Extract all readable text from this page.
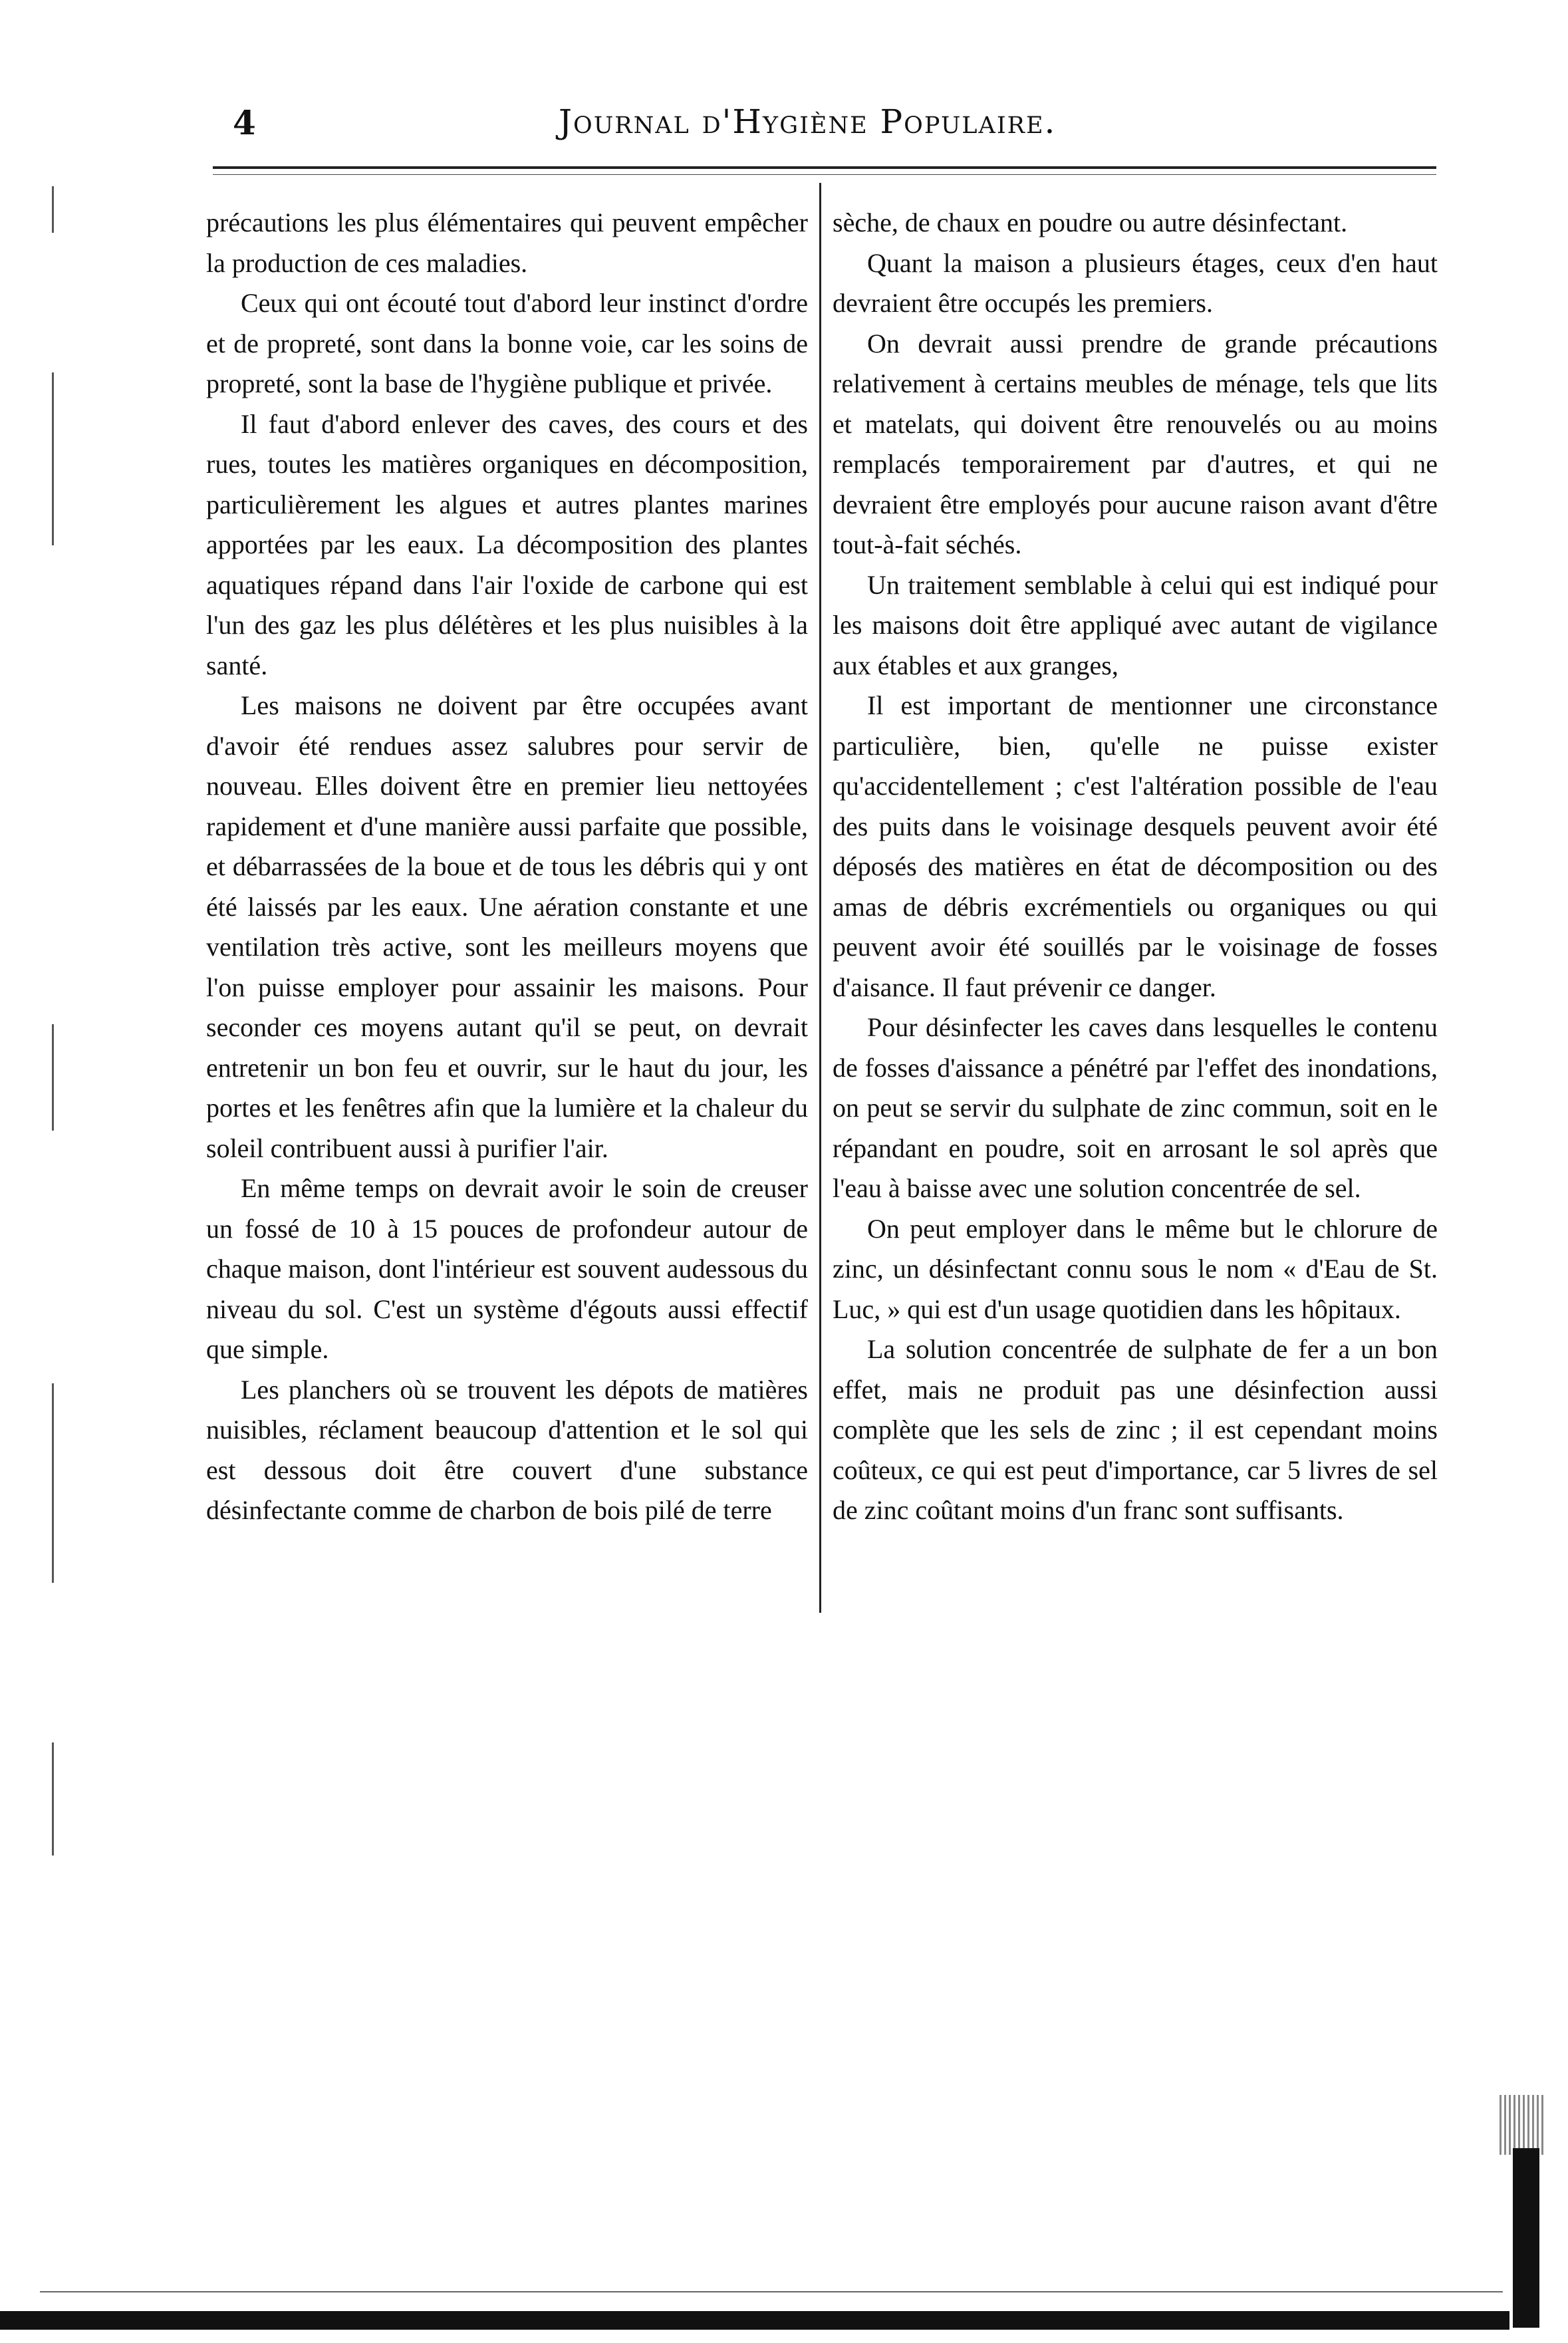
4	Journal d'Hygiène Populaire.

précautions les plus élémentaires qui peuvent empêcher la production de ces maladies.

Ceux qui ont écouté tout d'abord leur instinct d'ordre et de propreté, sont dans la bonne voie, car les soins de propreté, sont la base de l'hygiène publique et privée.

Il faut d'abord enlever des caves, des cours et des rues, toutes les matières organiques en décomposition, particulièrement les algues et autres plantes marines apportées par les eaux. La décomposition des plantes aquatiques répand dans l'air l'oxide de carbone qui est l'un des gaz les plus délétères et les plus nuisibles à la santé.

Les maisons ne doivent par être occupées avant d'avoir été rendues assez salubres pour servir de nouveau. Elles doivent être en premier lieu nettoyées rapidement et d'une manière aussi parfaite que possible, et débarrassées de la boue et de tous les débris qui y ont été laissés par les eaux. Une aération constante et une ventilation très active, sont les meilleurs moyens que l'on puisse employer pour assainir les maisons. Pour seconder ces moyens autant qu'il se peut, on devrait entretenir un bon feu et ouvrir, sur le haut du jour, les portes et les fenêtres afin que la lumière et la chaleur du soleil contribuent aussi à purifier l'air.

En même temps on devrait avoir le soin de creuser un fossé de 10 à 15 pouces de profondeur autour de chaque maison, dont l'intérieur est souvent audessous du niveau du sol. C'est un système d'égouts aussi effectif que simple.

Les planchers où se trouvent les dépots de matières nuisibles, réclament beaucoup d'attention et le sol qui est dessous doit être couvert d'une substance désinfectante comme de charbon de bois pilé de terre

sèche, de chaux en poudre ou autre désinfectant.

Quant la maison a plusieurs étages, ceux d'en haut devraient être occupés les premiers.

On devrait aussi prendre de grande précautions relativement à certains meubles de ménage, tels que lits et matelats, qui doivent être renouvelés ou au moins remplacés temporairement par d'autres, et qui ne devraient être employés pour aucune raison avant d'être tout-à-fait séchés.

Un traitement semblable à celui qui est indiqué pour les maisons doit être appliqué avec autant de vigilance aux étables et aux granges,

Il est important de mentionner une circonstance particulière, bien, qu'elle ne puisse exister qu'accidentellement ; c'est l'altération possible de l'eau des puits dans le voisinage desquels peuvent avoir été déposés des matières en état de décomposition ou des amas de débris excrémentiels ou organiques ou qui peuvent avoir été souillés par le voisinage de fosses d'aisance. Il faut prévenir ce danger.

Pour désinfecter les caves dans lesquelles le contenu de fosses d'aissance a pénétré par l'effet des inondations, on peut se servir du sulphate de zinc commun, soit en le répandant en poudre, soit en arrosant le sol après que l'eau à baisse avec une solution concentrée de sel.

On peut employer dans le même but le chlorure de zinc, un désinfectant connu sous le nom « d'Eau de St. Luc, » qui est d'un usage quotidien dans les hôpitaux.

La solution concentrée de sulphate de fer a un bon effet, mais ne produit pas une désinfection aussi complète que les sels de zinc ; il est cependant moins coûteux, ce qui est peut d'importance, car 5 livres de sel de zinc coûtant moins d'un franc sont suffisants.
